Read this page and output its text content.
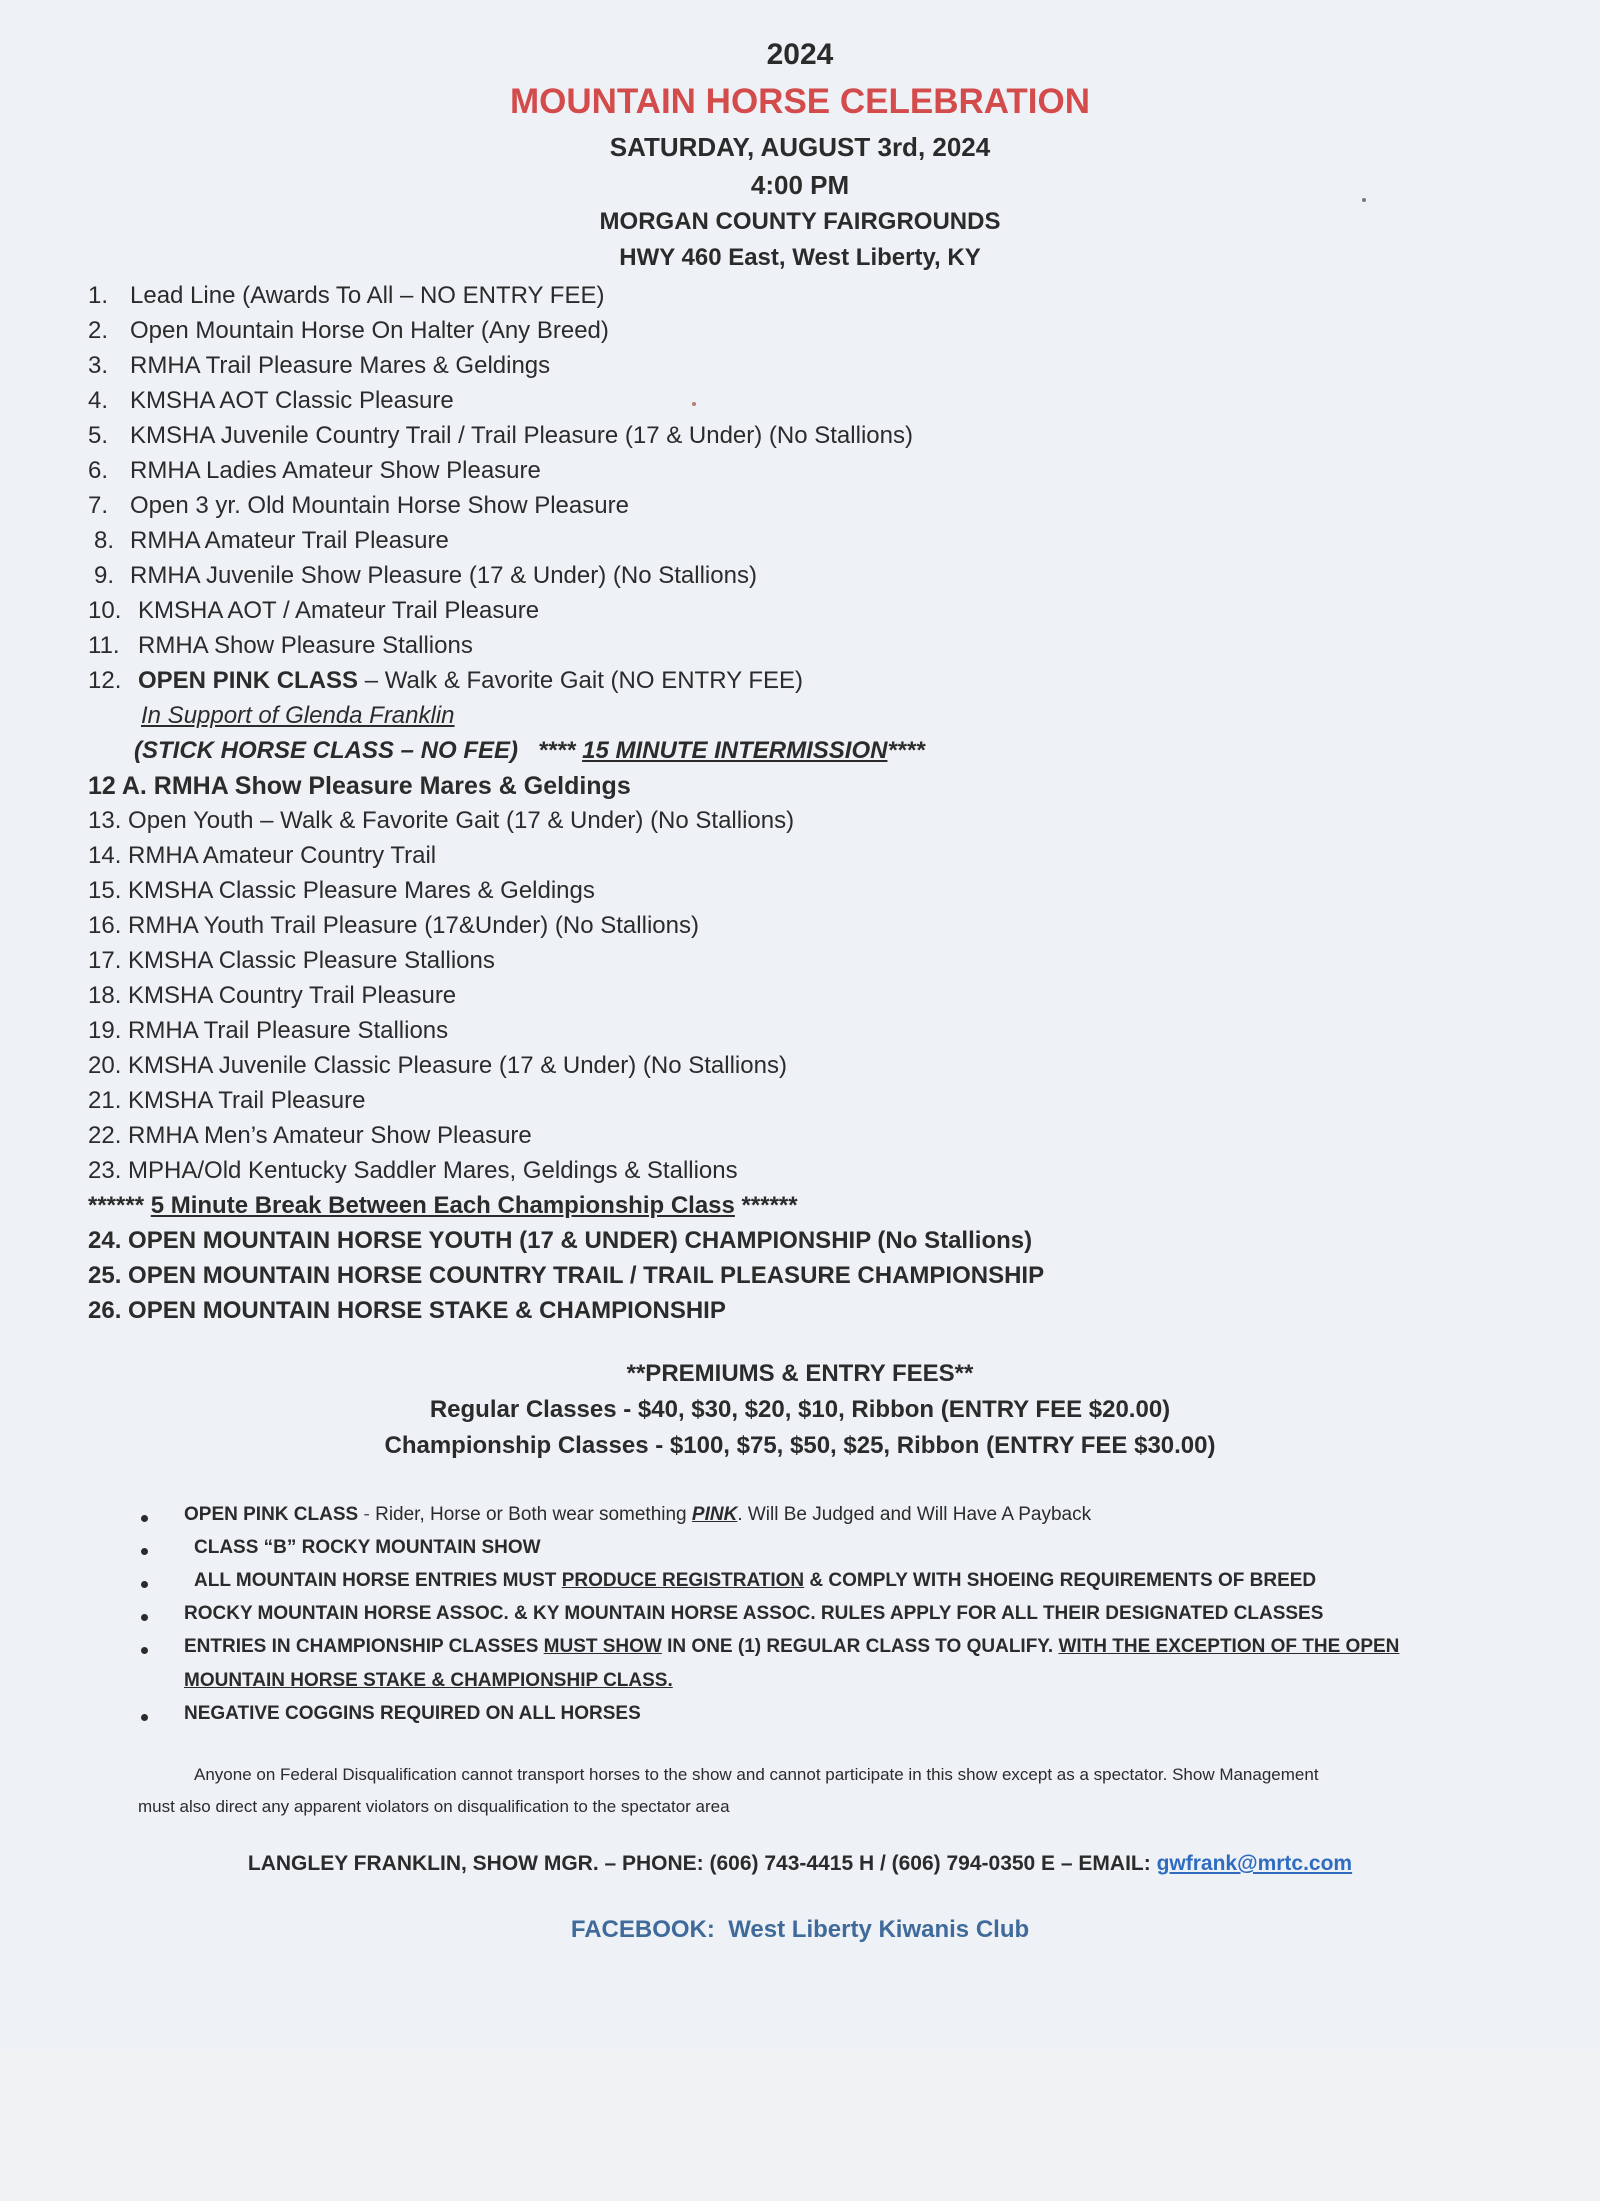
2024
MOUNTAIN HORSE CELEBRATION
SATURDAY, AUGUST 3rd, 2024
4:00 PM
MORGAN COUNTY FAIRGROUNDS
HWY 460 East, West Liberty, KY
1. Lead Line (Awards To All – NO ENTRY FEE)
2. Open Mountain Horse On Halter (Any Breed)
3. RMHA Trail Pleasure Mares & Geldings
4. KMSHA AOT Classic Pleasure
5. KMSHA Juvenile Country Trail / Trail Pleasure (17 & Under) (No Stallions)
6. RMHA Ladies Amateur Show Pleasure
7. Open 3 yr. Old Mountain Horse Show Pleasure
8. RMHA Amateur Trail Pleasure
9. RMHA Juvenile Show Pleasure (17 & Under) (No Stallions)
10. KMSHA AOT / Amateur Trail Pleasure
11. RMHA Show Pleasure Stallions
12. OPEN PINK CLASS – Walk & Favorite Gait (NO ENTRY FEE)
In Support of Glenda Franklin
(STICK HORSE CLASS – NO FEE) **** 15 MINUTE INTERMISSION****
12 A. RMHA Show Pleasure Mares & Geldings
13. Open Youth – Walk & Favorite Gait (17 & Under) (No Stallions)
14. RMHA Amateur Country Trail
15. KMSHA Classic Pleasure Mares & Geldings
16. RMHA Youth Trail Pleasure (17&Under) (No Stallions)
17. KMSHA Classic Pleasure Stallions
18. KMSHA Country Trail Pleasure
19. RMHA Trail Pleasure Stallions
20. KMSHA Juvenile Classic Pleasure (17 & Under) (No Stallions)
21. KMSHA Trail Pleasure
22. RMHA Men’s Amateur Show Pleasure
23. MPHA/Old Kentucky Saddler Mares, Geldings & Stallions
****** 5 Minute Break Between Each Championship Class ******
24. OPEN MOUNTAIN HORSE YOUTH (17 & UNDER) CHAMPIONSHIP (No Stallions)
25. OPEN MOUNTAIN HORSE COUNTRY TRAIL / TRAIL PLEASURE CHAMPIONSHIP
26. OPEN MOUNTAIN HORSE STAKE & CHAMPIONSHIP
**PREMIUMS & ENTRY FEES**
Regular Classes - $40, $30, $20, $10, Ribbon (ENTRY FEE $20.00)
Championship Classes - $100, $75, $50, $25, Ribbon (ENTRY FEE $30.00)
OPEN PINK CLASS - Rider, Horse or Both wear something PINK. Will Be Judged and Will Have A Payback
CLASS “B” ROCKY MOUNTAIN SHOW
ALL MOUNTAIN HORSE ENTRIES MUST PRODUCE REGISTRATION & COMPLY WITH SHOEING REQUIREMENTS OF BREED
ROCKY MOUNTAIN HORSE ASSOC. & KY MOUNTAIN HORSE ASSOC. RULES APPLY FOR ALL THEIR DESIGNATED CLASSES
ENTRIES IN CHAMPIONSHIP CLASSES MUST SHOW IN ONE (1) REGULAR CLASS TO QUALIFY. WITH THE EXCEPTION OF THE OPEN
MOUNTAIN HORSE STAKE & CHAMPIONSHIP CLASS.
NEGATIVE COGGINS REQUIRED ON ALL HORSES
Anyone on Federal Disqualification cannot transport horses to the show and cannot participate in this show except as a spectator. Show Management
must also direct any apparent violators on disqualification to the spectator area
LANGLEY FRANKLIN, SHOW MGR. – PHONE: (606) 743-4415 H / (606) 794-0350 E – EMAIL: gwfrank@mrtc.com
FACEBOOK: West Liberty Kiwanis Club
